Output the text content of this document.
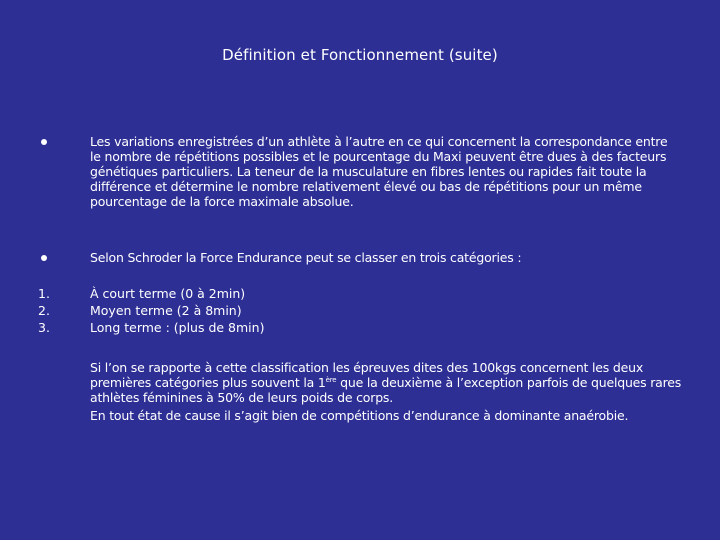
Définition et Fonctionnement (suite)
Les variations enregistrées d’un athlète à l’autre en ce qui concernent la correspondance entre le nombre de répétitions possibles et le pourcentage du Maxi peuvent être dues à des facteurs génétiques particuliers. La teneur de la musculature en fibres lentes ou rapides fait toute la différence et détermine le nombre relativement élevé ou bas de répétitions pour un même pourcentage de la force maximale absolue.
Selon Schroder la Force Endurance peut se classer en trois catégories :
1.	À court terme (0 à 2min)
2.	Moyen terme (2 à 8min)
3.	Long terme : (plus de 8min)
Si l’on se rapporte à cette classification les épreuves dites des 100kgs concernent les deux premières catégories plus souvent la 1ère que la deuxième à l’exception parfois de quelques rares athlètes féminines à 50% de leurs poids de corps.
En tout état de cause il s’agit bien de compétitions d’endurance à dominante anaérobie.
